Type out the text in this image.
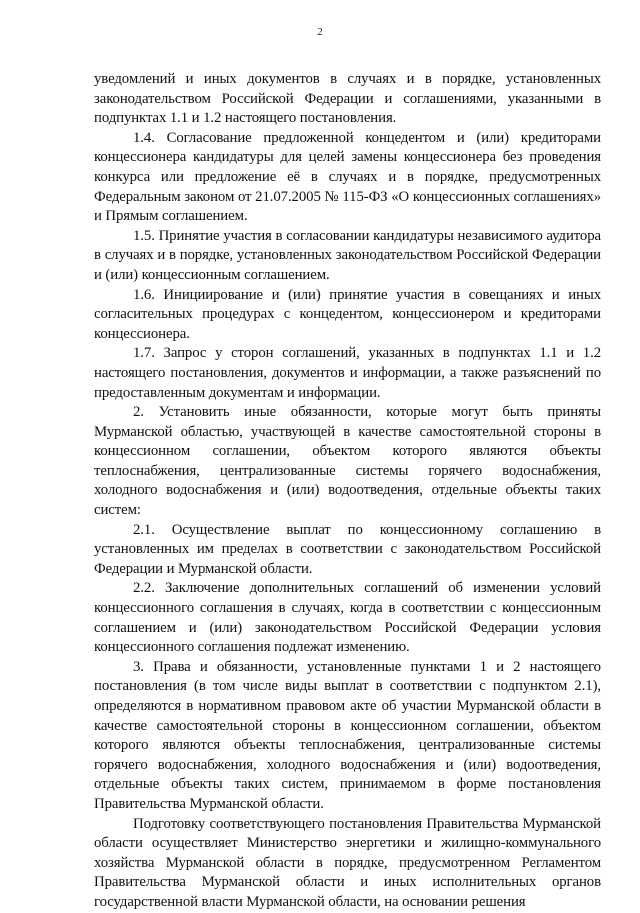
2

уведомлений и иных документов в случаях и в порядке, установленных законодательством Российской Федерации и соглашениями, указанными в подпунктах 1.1 и 1.2 настоящего постановления.

1.4. Согласование предложенной концедентом и (или) кредиторами концессионера кандидатуры для целей замены концессионера без проведения конкурса или предложение её в случаях и в порядке, предусмотренных Федеральным законом от 21.07.2005 № 115-ФЗ «О концессионных соглашениях» и Прямым соглашением.

1.5. Принятие участия в согласовании кандидатуры независимого аудитора в случаях и в порядке, установленных законодательством Российской Федерации и (или) концессионным соглашением.

1.6. Инициирование и (или) принятие участия в совещаниях и иных согласительных процедурах с концедентом, концессионером и кредиторами концессионера.

1.7. Запрос у сторон соглашений, указанных в подпунктах 1.1 и 1.2 настоящего постановления, документов и информации, а также разъяснений по предоставленным документам и информации.

2. Установить иные обязанности, которые могут быть приняты Мурманской областью, участвующей в качестве самостоятельной стороны в концессионном соглашении, объектом которого являются объекты теплоснабжения, централизованные системы горячего водоснабжения, холодного водоснабжения и (или) водоотведения, отдельные объекты таких систем:

2.1. Осуществление выплат по концессионному соглашению в установленных им пределах в соответствии с законодательством Российской Федерации и Мурманской области.

2.2. Заключение дополнительных соглашений об изменении условий концессионного соглашения в случаях, когда в соответствии с концессионным соглашением и (или) законодательством Российской Федерации условия концессионного соглашения подлежат изменению.

3. Права и обязанности, установленные пунктами 1 и 2 настоящего постановления (в том числе виды выплат в соответствии с подпунктом 2.1), определяются в нормативном правовом акте об участии Мурманской области в качестве самостоятельной стороны в концессионном соглашении, объектом которого являются объекты теплоснабжения, централизованные системы горячего водоснабжения, холодного водоснабжения и (или) водоотведения, отдельные объекты таких систем, принимаемом в форме постановления Правительства Мурманской области.

Подготовку соответствующего постановления Правительства Мурманской области осуществляет Министерство энергетики и жилищно-коммунального хозяйства Мурманской области в порядке, предусмотренном Регламентом Правительства Мурманской области и иных исполнительных органов государственной власти Мурманской области, на основании решения
